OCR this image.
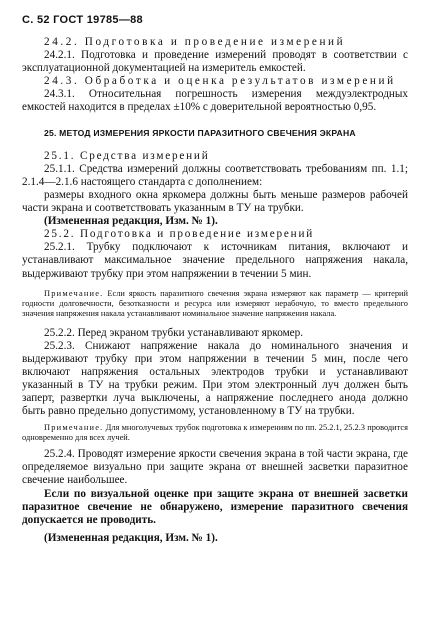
С. 52 ГОСТ 19785—88

24.2. Подготовка и проведение измерений

24.2.1. Подготовка и проведение измерений проводят в соответствии с эксплуатационной документацией на измеритель емкостей.

24.3. Обработка и оценка результатов измерений

24.3.1. Относительная погрешность измерения междуэлектродных емкостей находится в пределах ±10% с доверительной вероятностью 0,95.

25. МЕТОД ИЗМЕРЕНИЯ ЯРКОСТИ ПАРАЗИТНОГО СВЕЧЕНИЯ ЭКРАНА

25.1. Средства измерений

25.1.1. Средства измерений должны соответствовать требованиям пп. 1.1; 2.1.4—2.1.6 настоящего стандарта с дополнением:

размеры входного окна яркомера должны быть меньше размеров рабочей части экрана и соответствовать указанным в ТУ на трубки.

(Измененная редакция, Изм. № 1).

25.2. Подготовка и проведение измерений

25.2.1. Трубку подключают к источникам питания, включают и устанавливают максимальное значение предельного напряжения накала, выдерживают трубку при этом напряжении в течении 5 мин.

Примечание. Если яркость паразитного свечения экрана измеряют как параметр — критерий годности долговечности, безотказности и ресурса или измеряют нерабочую, то вместо предельного значения напряжения накала устанавливают номинальное значение напряжения накала.

25.2.2. Перед экраном трубки устанавливают яркомер.

25.2.3. Снижают напряжение накала до номинального значения и выдерживают трубку при этом напряжении в течении 5 мин, после чего включают напряжения остальных электродов трубки и устанавливают указанный в ТУ на трубки режим. При этом электронный луч должен быть заперт, развертки луча выключены, а напряжение последнего анода должно быть равно предельно допустимому, установленному в ТУ на трубки.

Примечание. Для многолучевых трубок подготовка к измерениям по пп. 25.2.1, 25.2.3 проводится одновременно для всех лучей.

25.2.4. Проводят измерение яркости свечения экрана в той части экрана, где определяемое визуально при защите экрана от внешней засветки паразитное свечение наибольшее.

Если по визуальной оценке при защите экрана от внешней засветки паразитное свечение не обнаружено, измерение паразитного свечения допускается не проводить.

(Измененная редакция, Изм. № 1).
